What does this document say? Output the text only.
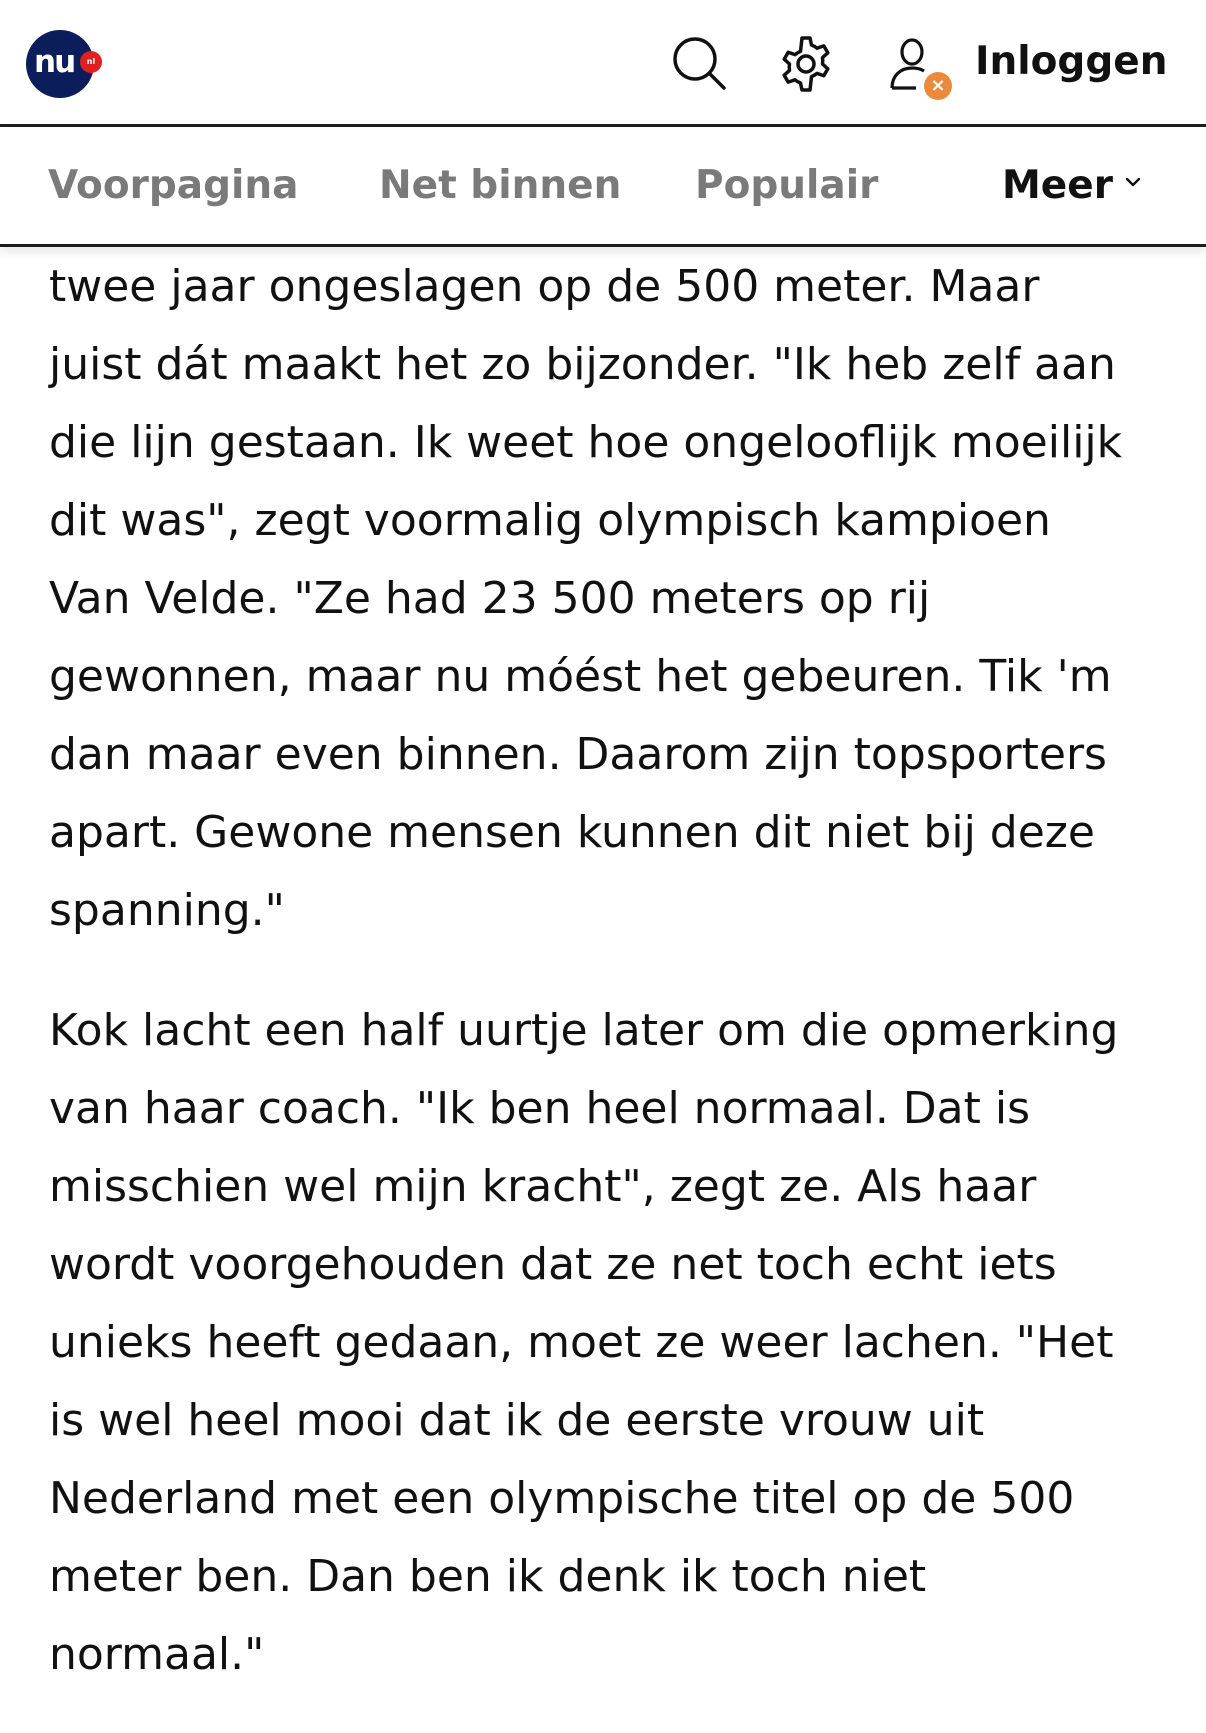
nu	nl
×
Inloggen
Voorpagina Net binnen Populair	Meer

twee jaar ongeslagen op de 500 meter. Maar
juist dát maakt het zo bijzonder. "Ik heb zelf aan
die lijn gestaan. Ik weet hoe ongelooflijk moeilijk
dit was", zegt voormalig olympisch kampioen
Van Velde. "Ze had 23 500 meters op rij
gewonnen, maar nu móést het gebeuren. Tik 'm
dan maar even binnen. Daarom zijn topsporters
apart. Gewone mensen kunnen dit niet bij deze
spanning."

Kok lacht een half uurtje later om die opmerking
van haar coach. "Ik ben heel normaal. Dat is
misschien wel mijn kracht", zegt ze. Als haar
wordt voorgehouden dat ze net toch echt iets
unieks heeft gedaan, moet ze weer lachen. "Het
is wel heel mooi dat ik de eerste vrouw uit
Nederland met een olympische titel op de 500
meter ben. Dan ben ik denk ik toch niet
normaal."
